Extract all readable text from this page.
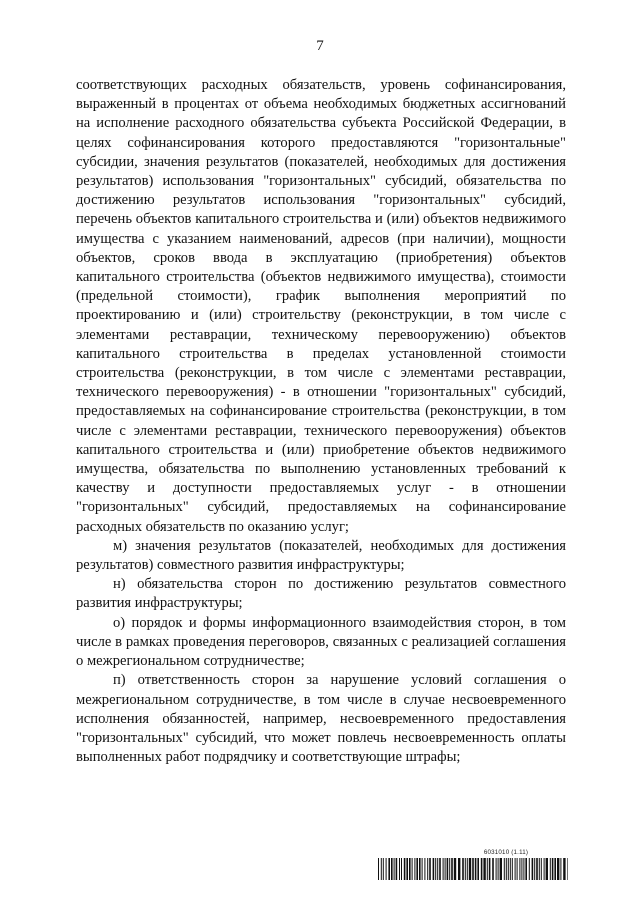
7

соответствующих расходных обязательств, уровень софинансирования, выраженный в процентах от объема необходимых бюджетных ассигнований на исполнение расходного обязательства субъекта Российской Федерации, в целях софинансирования которого предоставляются "горизонтальные" субсидии, значения результатов (показателей, необходимых для достижения результатов) использования "горизонтальных" субсидий, обязательства по достижению результатов использования "горизонтальных" субсидий, перечень объектов капитального строительства и (или) объектов недвижимого имущества с указанием наименований, адресов (при наличии), мощности объектов, сроков ввода в эксплуатацию (приобретения) объектов капитального строительства (объектов недвижимого имущества), стоимости (предельной стоимости), график выполнения мероприятий по проектированию и (или) строительству (реконструкции, в том числе с элементами реставрации, техническому перевооружению) объектов капитального строительства в пределах установленной стоимости строительства (реконструкции, в том числе с элементами реставрации, технического перевооружения) - в отношении "горизонтальных" субсидий, предоставляемых на софинансирование строительства (реконструкции, в том числе с элементами реставрации, технического перевооружения) объектов капитального строительства и (или) приобретение объектов недвижимого имущества, обязательства по выполнению установленных требований к качеству и доступности предоставляемых услуг - в отношении "горизонтальных" субсидий, предоставляемых на софинансирование расходных обязательств по оказанию услуг;

м) значения результатов (показателей, необходимых для достижения результатов) совместного развития инфраструктуры;

н) обязательства сторон по достижению результатов совместного развития инфраструктуры;

о) порядок и формы информационного взаимодействия сторон, в том числе в рамках проведения переговоров, связанных с реализацией соглашения о межрегиональном сотрудничестве;

п) ответственность сторон за нарушение условий соглашения о межрегиональном сотрудничестве, в том числе в случае несвоевременного исполнения обязанностей, например, несвоевременного предоставления "горизонтальных" субсидий, что может повлечь несвоевременность оплаты выполненных работ подрядчику и соответствующие штрафы;

6031010 (1.11)
